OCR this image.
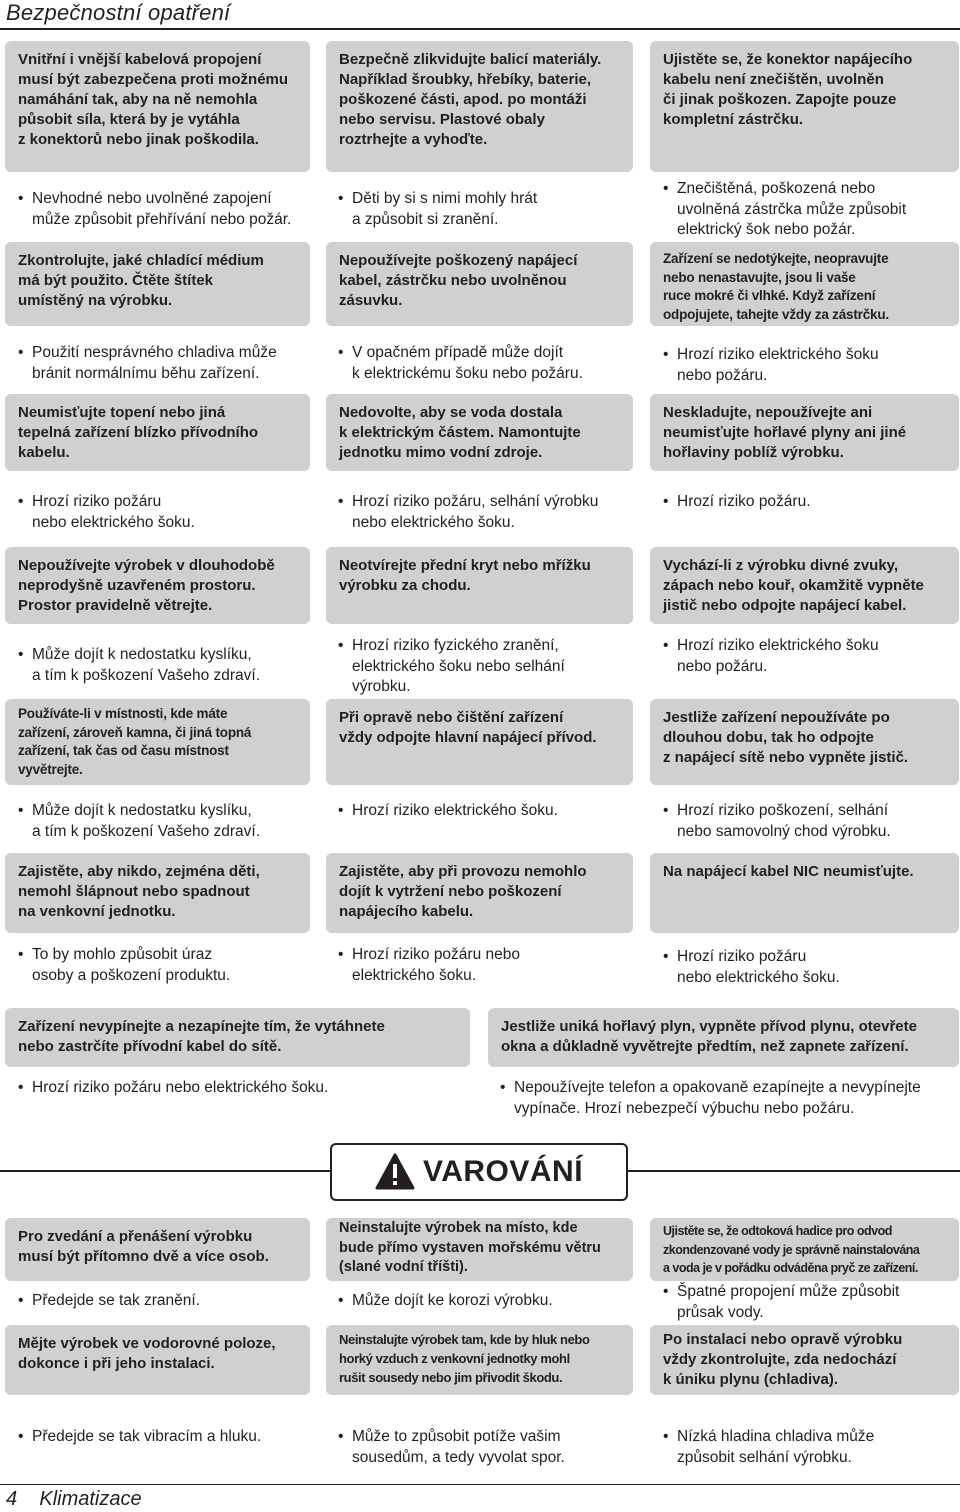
Bezpečnostní opatření
Vnitřní i vnější kabelová propojení
musí být zabezpečena proti možnému
namáhání tak, aby na ně nemohla
působit síla, která by je vytáhla
z konektorů nebo jinak poškodila.
Bezpečně zlikvidujte balicí materiály.
Například šroubky, hřebíky, baterie,
poškozené části, apod. po montáži
nebo servisu. Plastové obaly
roztrhejte a vyhoďte.
Ujistěte se, že konektor napájecího
kabelu není znečištěn, uvolněn
či jinak poškozen. Zapojte pouze
kompletní zástrčku.
• Nevhodné nebo uvolněné zapojení
může způsobit přehřívání nebo požár.
• Děti by si s nimi mohly hrát
a způsobit si zranění.
• Znečištěná, poškozená nebo
uvolněná zástrčka může způsobit
elektrický šok nebo požár.
Zkontrolujte, jaké chladící médium
má být použito. Čtěte štítek
umístěný na výrobku.
Nepoužívejte poškozený napájecí
kabel, zástrčku nebo uvolněnou
zásuvku.
Zařízení se nedotýkejte, neopravujte
nebo nenastavujte, jsou li vaše
ruce mokré či vlhké. Když zařízení
odpojujete, tahejte vždy za zástrčku.
• Použití nesprávného chladiva může
bránit normálnímu běhu zařízení.
• V opačném případě může dojít
k elektrickému šoku nebo požáru.
• Hrozí riziko elektrického šoku
nebo požáru.
Neumisťujte topení nebo jiná
tepelná zařízení blízko přívodního
kabelu.
Nedovolte, aby se voda dostala
k elektrickým částem. Namontujte
jednotku mimo vodní zdroje.
Neskladujte, nepoužívejte ani
neumisťujte hořlavé plyny ani jiné
hořlaviny poblíž výrobku.
• Hrozí riziko požáru
nebo elektrického šoku.
• Hrozí riziko požáru, selhání výrobku
nebo elektrického šoku.
• Hrozí riziko požáru.
Nepoužívejte výrobek v dlouhodobě
neprodyšně uzavřeném prostoru.
Prostor pravidelně větrejte.
Neotvírejte přední kryt nebo mřížku
výrobku za chodu.
Vychází-li z výrobku divné zvuky,
zápach nebo kouř, okamžitě vypněte
jistič nebo odpojte napájecí kabel.
• Může dojít k nedostatku kyslíku,
a tím k poškození Vašeho zdraví.
• Hrozí riziko fyzického zranění,
elektrického šoku nebo selhání
výrobku.
• Hrozí riziko elektrického šoku
nebo požáru.
Používáte-li v místnosti, kde máte
zařízení, zároveň kamna, či jiná topná
zařízení, tak čas od času místnost
vyvětrejte.
Při opravě nebo čištění zařízení
vždy odpojte hlavní napájecí přívod.
Jestliže zařízení nepoužíváte po
dlouhou dobu, tak ho odpojte
z napájecí sítě nebo vypněte jistič.
• Může dojít k nedostatku kyslíku,
a tím k poškození Vašeho zdraví.
• Hrozí riziko elektrického šoku.	• Hrozí riziko poškození, selhání
nebo samovolný chod výrobku.
Zajistěte, aby nikdo, zejména děti,
nemohl šlápnout nebo spadnout
na venkovní jednotku.
Zajistěte, aby při provozu nemohlo
dojít k vytržení nebo poškození
napájecího kabelu.
Na napájecí kabel NIC neumisťujte.
• To by mohlo způsobit úraz
osoby a poškození produktu.
• Hrozí riziko požáru nebo
elektrického šoku.
• Hrozí riziko požáru
nebo elektrického šoku.
Zařízení nevypínejte a nezapínejte tím, že vytáhnete
nebo zastrčíte přívodní kabel do sítě.
Jestliže uniká hořlavý plyn, vypněte přívod plynu, otevřete
okna a důkladně vyvětrejte předtím, než zapnete zařízení.
• Hrozí riziko požáru nebo elektrického šoku.	• Nepoužívejte telefon a opakovaně ezapínejte a nevypínejte
vypínače. Hrozí nebezpečí výbuchu nebo požáru.
VAROVÁNÍ
Pro zvedání a přenášení výrobku
musí být přítomno dvě a více osob.
Neinstalujte výrobek na místo, kde
bude přímo vystaven mořskému větru
(slané vodní tříšti).
Ujistěte se, že odtoková hadice pro odvod
zkondenzované vody je správně nainstalována
a voda je v pořádku odváděna pryč ze zařízení.
• Předejde se tak zranění.	• Může dojít ke korozi výrobku.
• Špatné propojení může způsobit
průsak vody.
Mějte výrobek ve vodorovné poloze,
dokonce i při jeho instalaci.
Neinstalujte výrobek tam, kde by hluk nebo
horký vzduch z venkovní jednotky mohl
rušit sousedy nebo jim přivodit škodu.
Po instalaci nebo opravě výrobku
vždy zkontrolujte, zda nedochází
k úniku plynu (chladiva).
• Předejde se tak vibracím a hluku.	• Může to způsobit potíže vašim
sousedům, a tedy vyvolat spor.
• Nízká hladina chladiva může
způsobit selhání výrobku.
4 Klimatizace
